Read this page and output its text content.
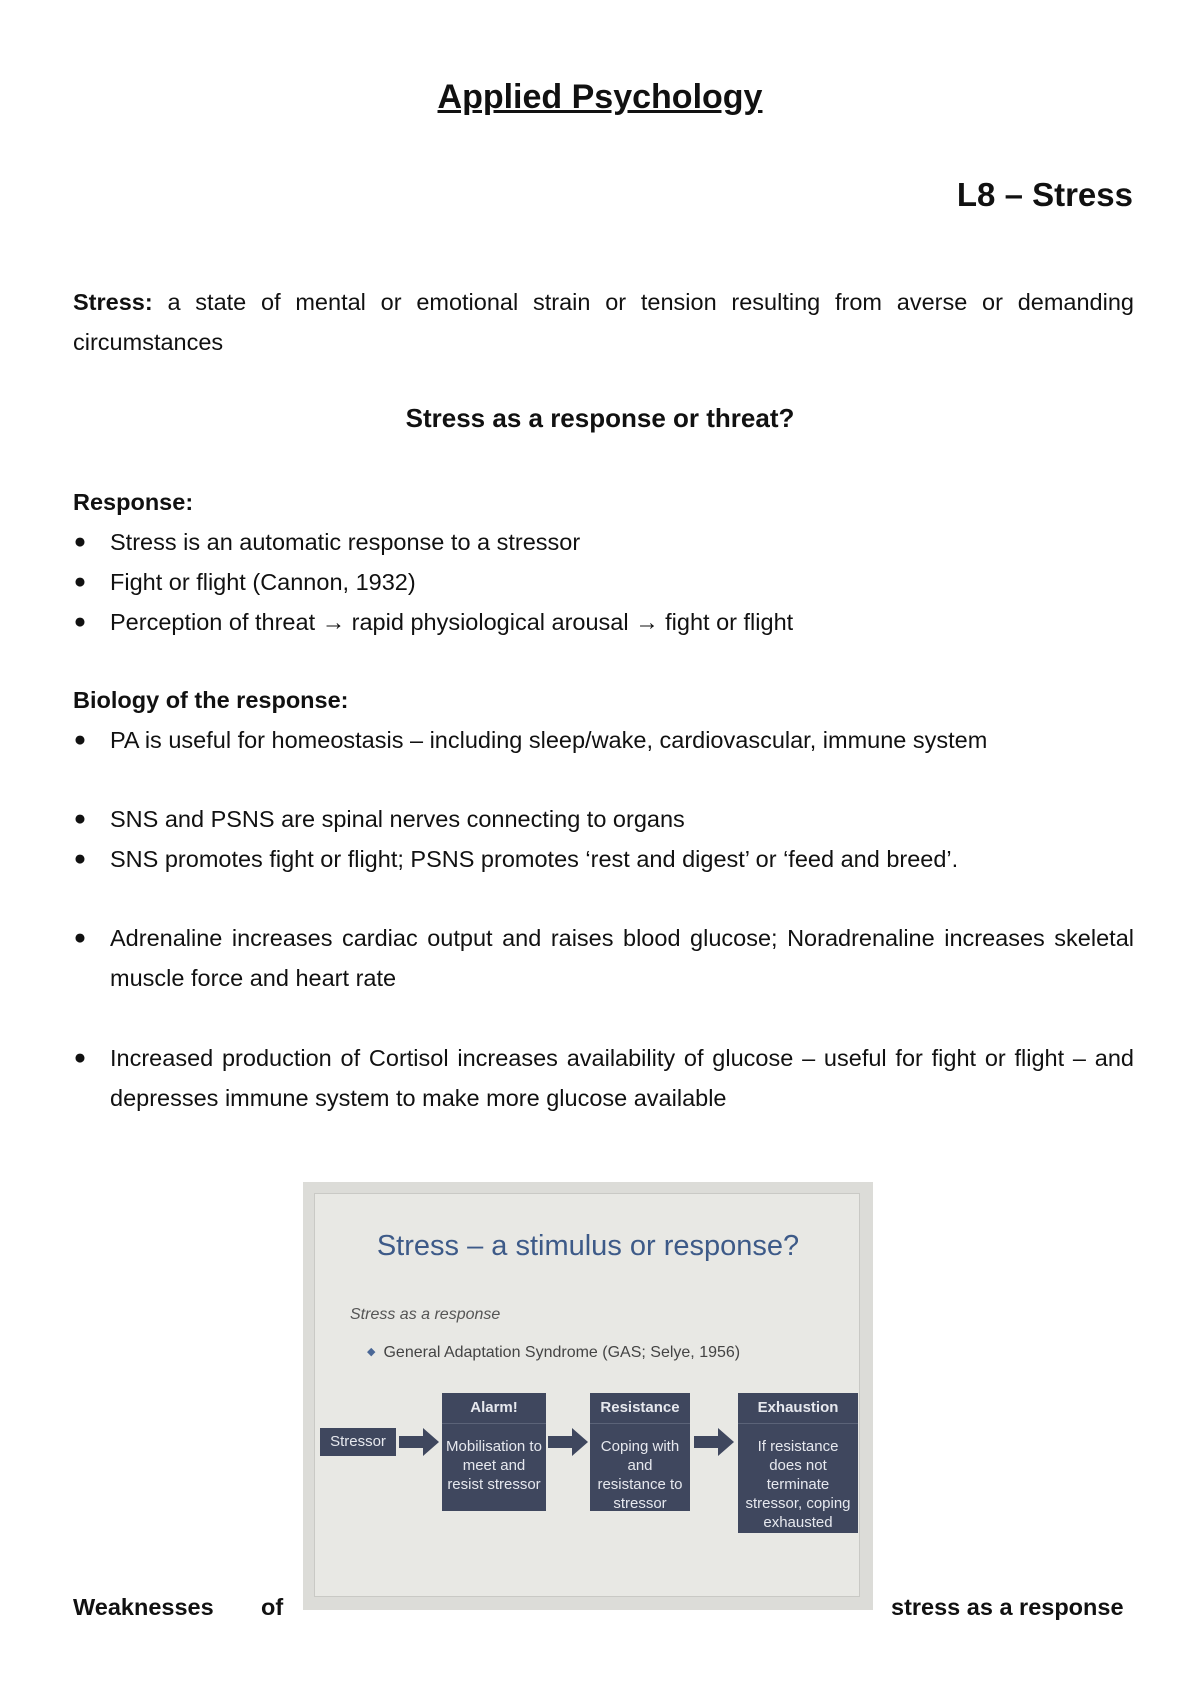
Applied Psychology
L8 – Stress

Stress: a state of mental or emotional strain or tension resulting from averse or demanding circumstances

Stress as a response or threat?

Response:

● Stress is an automatic response to a stressor
● Fight or flight (Cannon, 1932)
● Perception of threat → rapid physiological arousal → fight or flight

Biology of the response:

● PA is useful for homeostasis – including sleep/wake, cardiovascular, immune system
● SNS and PSNS are spinal nerves connecting to organs
● SNS promotes fight or flight; PSNS promotes ‘rest and digest’ or ‘feed and breed’.
● Adrenaline increases cardiac output and raises blood glucose; Noradrenaline increases skeletal muscle force and heart rate
● Increased production of Cortisol increases availability of glucose – useful for fight or flight – and depresses immune system to make more glucose available

Stress – a stimulus or response?

Stress as a response

◆ General Adaptation Syndrome (GAS; Selye, 1956)

Stressor
Alarm!
Mobilisation to meet and resist stressor
Resistance
Coping with and resistance to stressor
Exhaustion
If resistance does not terminate stressor, coping exhausted

Weaknesses of	stress as a response
